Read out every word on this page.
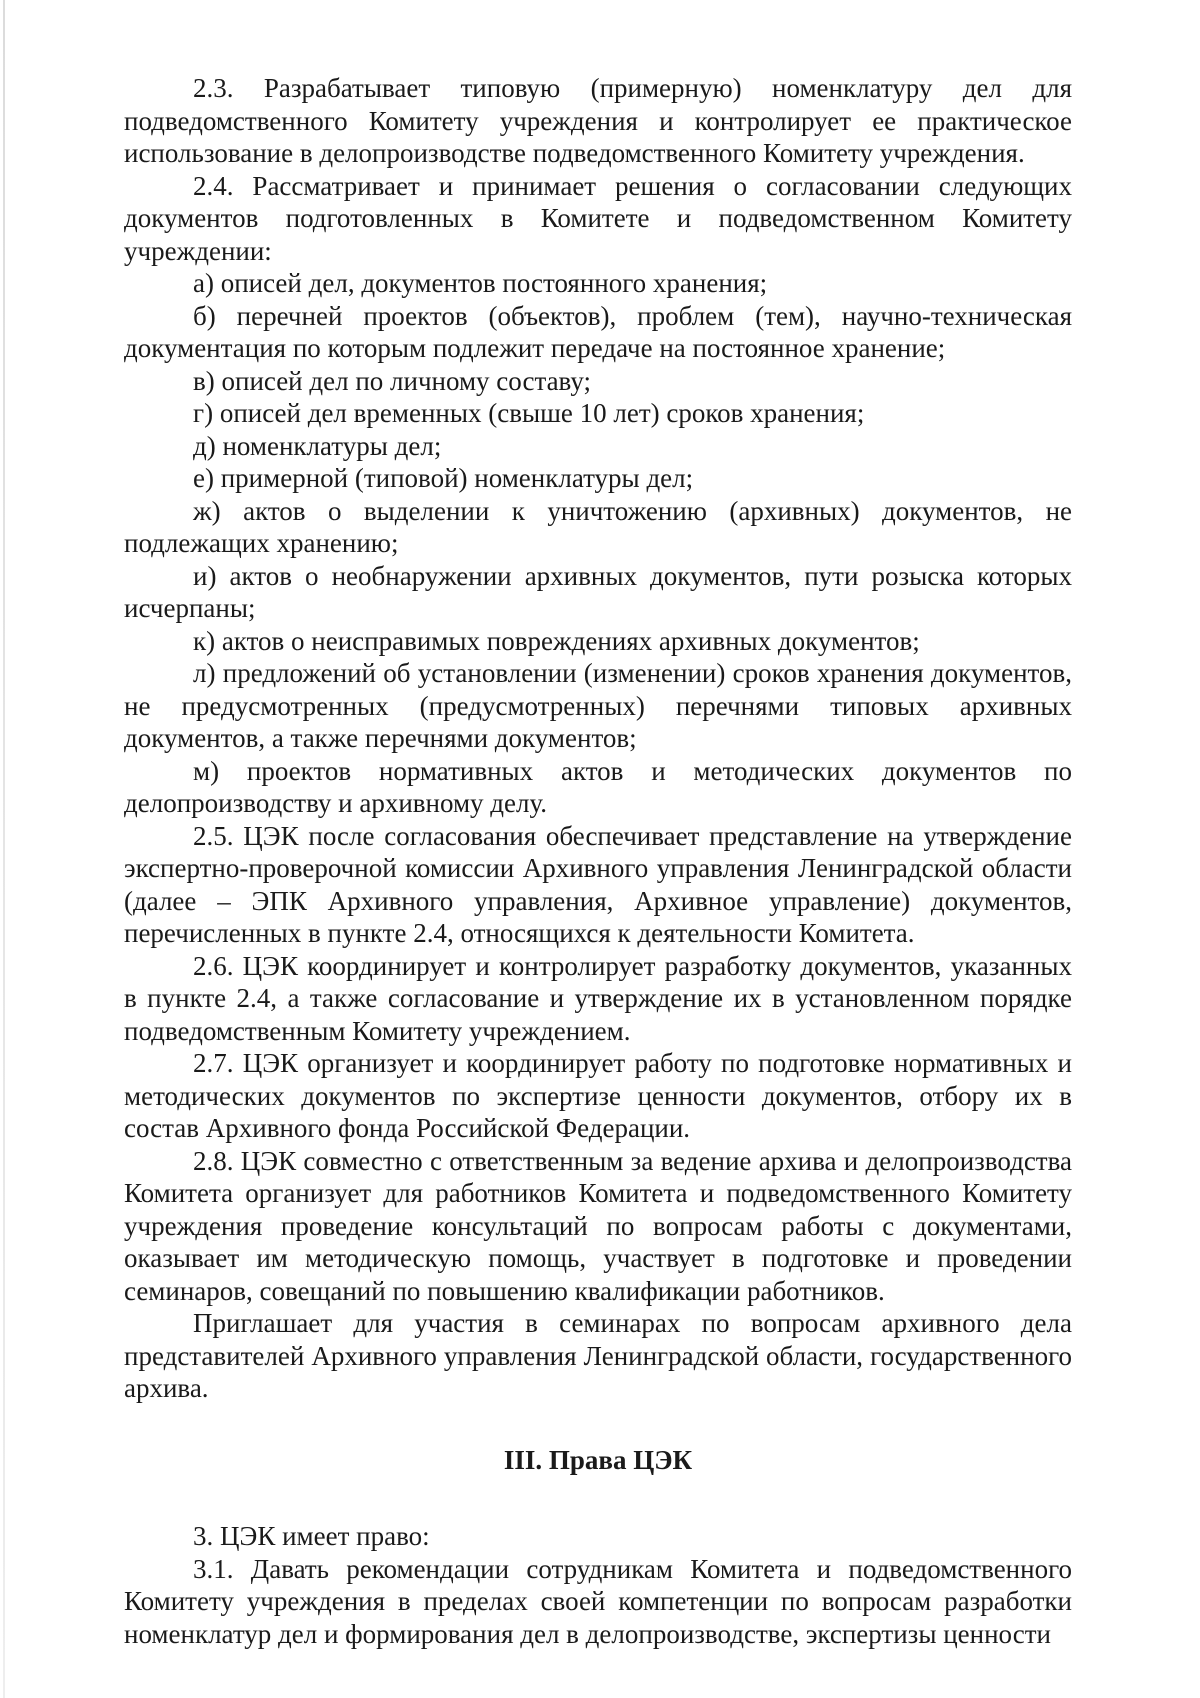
2.3. Разрабатывает типовую (примерную) номенклатуру дел для подведомственного Комитету учреждения и контролирует ее практическое использование в делопроизводстве подведомственного Комитету учреждения.

2.4. Рассматривает и принимает решения о согласовании следующих документов подготовленных в Комитете и подведомственном Комитету учреждении:

а) описей дел, документов постоянного хранения;

б) перечней проектов (объектов), проблем (тем), научно-техническая документация по которым подлежит передаче на постоянное хранение;

в) описей дел по личному составу;

г) описей дел временных (свыше 10 лет) сроков хранения;

д) номенклатуры дел;

е) примерной (типовой) номенклатуры дел;

ж) актов о выделении к уничтожению (архивных) документов, не подлежащих хранению;

и) актов о необнаружении архивных документов, пути розыска которых исчерпаны;

к) актов о неисправимых повреждениях архивных документов;

л) предложений об установлении (изменении) сроков хранения документов, не предусмотренных (предусмотренных) перечнями типовых архивных документов, а также перечнями документов;

м) проектов нормативных актов и методических документов по делопроизводству и архивному делу.

2.5. ЦЭК после согласования обеспечивает представление на утверждение экспертно-проверочной комиссии Архивного управления Ленинградской области (далее – ЭПК Архивного управления, Архивное управление) документов, перечисленных в пункте 2.4, относящихся к деятельности Комитета.

2.6. ЦЭК координирует и контролирует разработку документов, указанных в пункте 2.4, а также согласование и утверждение их в установленном порядке подведомственным Комитету учреждением.

2.7. ЦЭК организует и координирует работу по подготовке нормативных и методических документов по экспертизе ценности документов, отбору их в состав Архивного фонда Российской Федерации.

2.8. ЦЭК совместно с ответственным за ведение архива и делопроизводства Комитета организует для работников Комитета и подведомственного Комитету учреждения проведение консультаций по вопросам работы с документами, оказывает им методическую помощь, участвует в подготовке и проведении семинаров, совещаний по повышению квалификации работников.

Приглашает для участия в семинарах по вопросам архивного дела представителей Архивного управления Ленинградской области, государственного архива.

III. Права ЦЭК

3. ЦЭК имеет право:

3.1. Давать рекомендации сотрудникам Комитета и подведомственного Комитету учреждения в пределах своей компетенции по вопросам разработки номенклатур дел и формирования дел в делопроизводстве, экспертизы ценности
